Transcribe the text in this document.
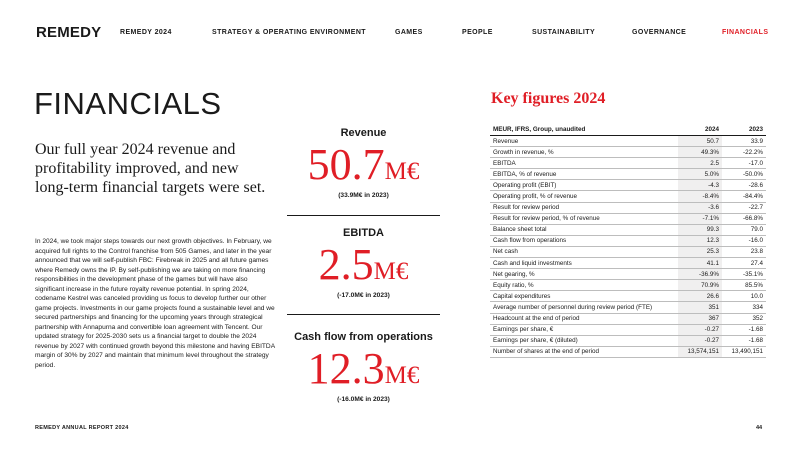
REMEDY	REMEDY 2024	STRATEGY & OPERATING ENVIRONMENT	GAMES	PEOPLE	SUSTAINABILITY	GOVERNANCE	FINANCIALS
FINANCIALS

Our full year 2024 revenue and profitability improved, and new long-term financial targets were set.

In 2024, we took major steps towards our next growth objectives. In February, we acquired full rights to the Control franchise from 505 Games, and later in the year announced that we will self-publish FBC: Firebreak in 2025 and all future games where Remedy owns the IP. By self-publishing we are taking on more financing responsibilities in the development phase of the games but will have also significant increase in the future royalty revenue potential. In spring 2024, codename Kestrel was canceled providing us focus to develop further our other game projects. Investments in our game projects found a sustainable level and we secured partnerships and financing for the upcoming years through strategical partnership with Annapurna and convertible loan agreement with Tencent. Our updated strategy for 2025-2030 sets us a financial target to double the 2024 revenue by 2027 with continued growth beyond this milestone and having EBITDA margin of 30% by 2027 and maintain that minimum level throughout the strategy period.

Revenue
50.7M€
(33.9M€ in 2023)
EBITDA
2.5M€
(-17.0M€ in 2023)
Cash flow from operations
12.3M€
(-16.0M€ in 2023)
Key figures 2024
MEUR, IFRS, Group, unaudited	2024	2023
Revenue	50.7	33.9
Growth in revenue, %	49.3%	-22.2%
EBITDA	2.5	-17.0
EBITDA, % of revenue	5.0%	-50.0%
Operating profit (EBIT)	-4.3	-28.6
Operating profit, % of revenue	-8.4%	-84.4%
Result for review period	-3.6	-22.7
Result for review period, % of revenue	-7.1%	-66.8%
Balance sheet total	99.3	79.0
Cash flow from operations	12.3	-16.0
Net cash	25.3	23.8
Cash and liquid investments	41.1	27.4
Net gearing, %	-36.9%	-35.1%
Equity ratio, %	70.9%	85.5%
Capital expenditures	26.6	10.0
Average number of personnel during review period (FTE)	351	334
Headcount at the end of period	367	352
Earnings per share, €	-0.27	-1.68
Earnings per share, € (diluted)	-0.27	-1.68
Number of shares at the end of period	13,574,151	13,490,151
REMEDY ANNUAL REPORT 2024	44
